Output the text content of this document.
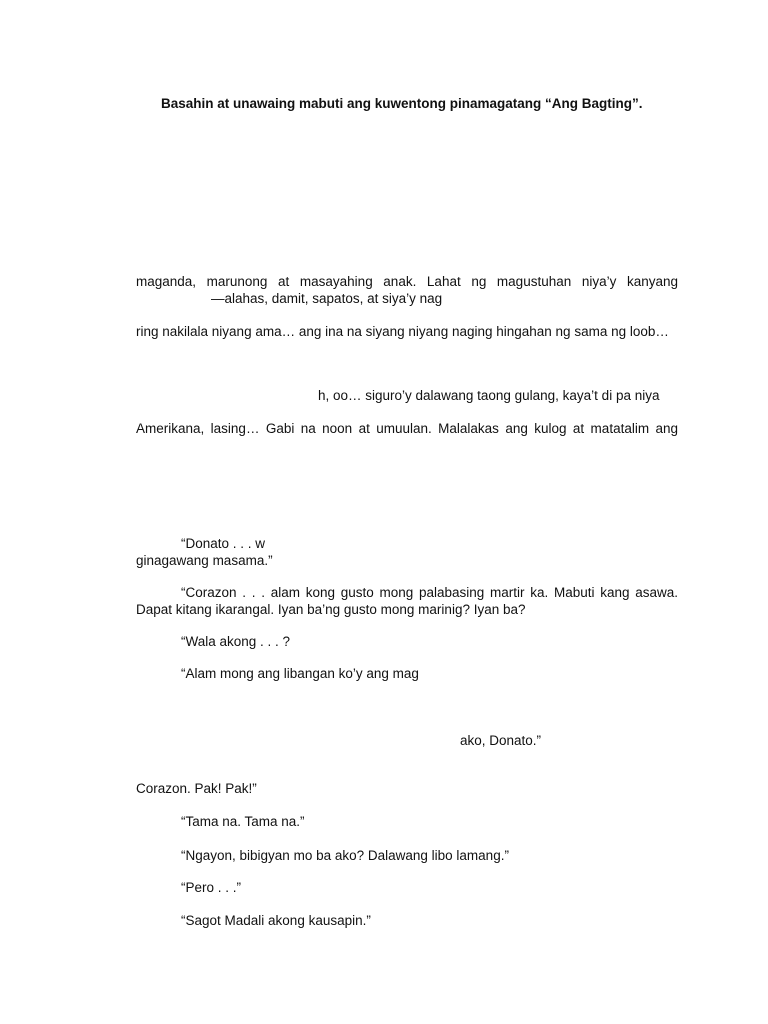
Basahin at unawaing mabuti ang kuwentong pinamagatang “Ang Bagting”.
maganda, marunong at masayahing anak. Lahat ng magustuhan niya’y kanyang
—alahas, damit, sapatos, at siya’y nag
ring nakilala niyang ama… ang ina na siyang niyang naging hingahan ng sama ng loob…
h, oo… siguro’y dalawang taong gulang, kaya’t di pa niya
Amerikana, lasing… Gabi na noon at umuulan. Malalakas ang kulog at matatalim ang
“Donato . . . w
ginagawang masama.”
“Corazon . . . alam kong gusto mong palabasing martir ka. Mabuti kang asawa.
Dapat kitang ikarangal. Iyan ba’ng gusto mong marinig? Iyan ba?
“Wala akong . . . ?
“Alam mong ang libangan ko’y ang mag
ako, Donato.”
Corazon. Pak! Pak!”
“Tama na. Tama na.”
“Ngayon, bibigyan mo ba ako? Dalawang libo lamang.”
“Pero . . .”
“Sagot Madali akong kausapin.”
